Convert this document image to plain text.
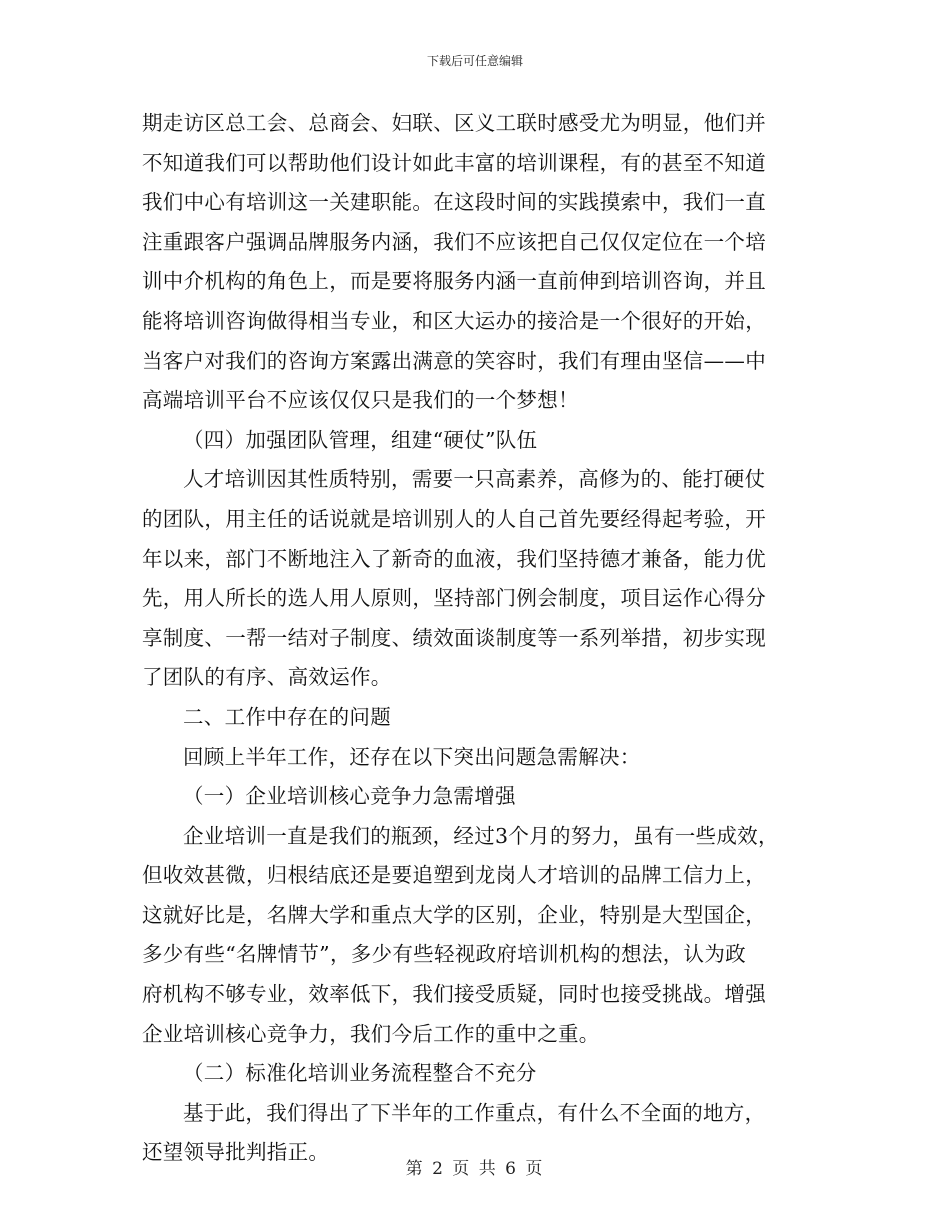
下载后可任意编辑
期走访区总工会、总商会、妇联、区义工联时感受尤为明显，他们并
不知道我们可以帮助他们设计如此丰富的培训课程，有的甚至不知道
我们中心有培训这一关建职能。在这段时间的实践摸索中，我们一直
注重跟客户强调品牌服务内涵，我们不应该把自己仅仅定位在一个培
训中介机构的角色上，而是要将服务内涵一直前伸到培训咨询，并且
能将培训咨询做得相当专业，和区大运办的接洽是一个很好的开始，
当客户对我们的咨询方案露出满意的笑容时，我们有理由坚信——中
高端培训平台不应该仅仅只是我们的一个梦想！
（四）加强团队管理，组建“硬仗”队伍
人才培训因其性质特别，需要一只高素养，高修为的、能打硬仗
的团队，用主任的话说就是培训别人的人自己首先要经得起考验，开
年以来，部门不断地注入了新奇的血液，我们坚持德才兼备，能力优
先，用人所长的选人用人原则，坚持部门例会制度，项目运作心得分
享制度、一帮一结对子制度、绩效面谈制度等一系列举措，初步实现
了团队的有序、高效运作。
二、工作中存在的问题
回顾上半年工作，还存在以下突出问题急需解决：
（一）企业培训核心竞争力急需增强
企业培训一直是我们的瓶颈，经过3个月的努力，虽有一些成效，
但收效甚微，归根结底还是要追塑到龙岗人才培训的品牌工信力上，
这就好比是，名牌大学和重点大学的区别，企业，特别是大型国企，
多少有些“名牌情节”，多少有些轻视政府培训机构的想法，认为政
府机构不够专业，效率低下，我们接受质疑，同时也接受挑战。增强
企业培训核心竞争力，我们今后工作的重中之重。
（二）标准化培训业务流程整合不充分
基于此，我们得出了下半年的工作重点，有什么不全面的地方，
还望领导批判指正。
第 2 页 共 6 页
